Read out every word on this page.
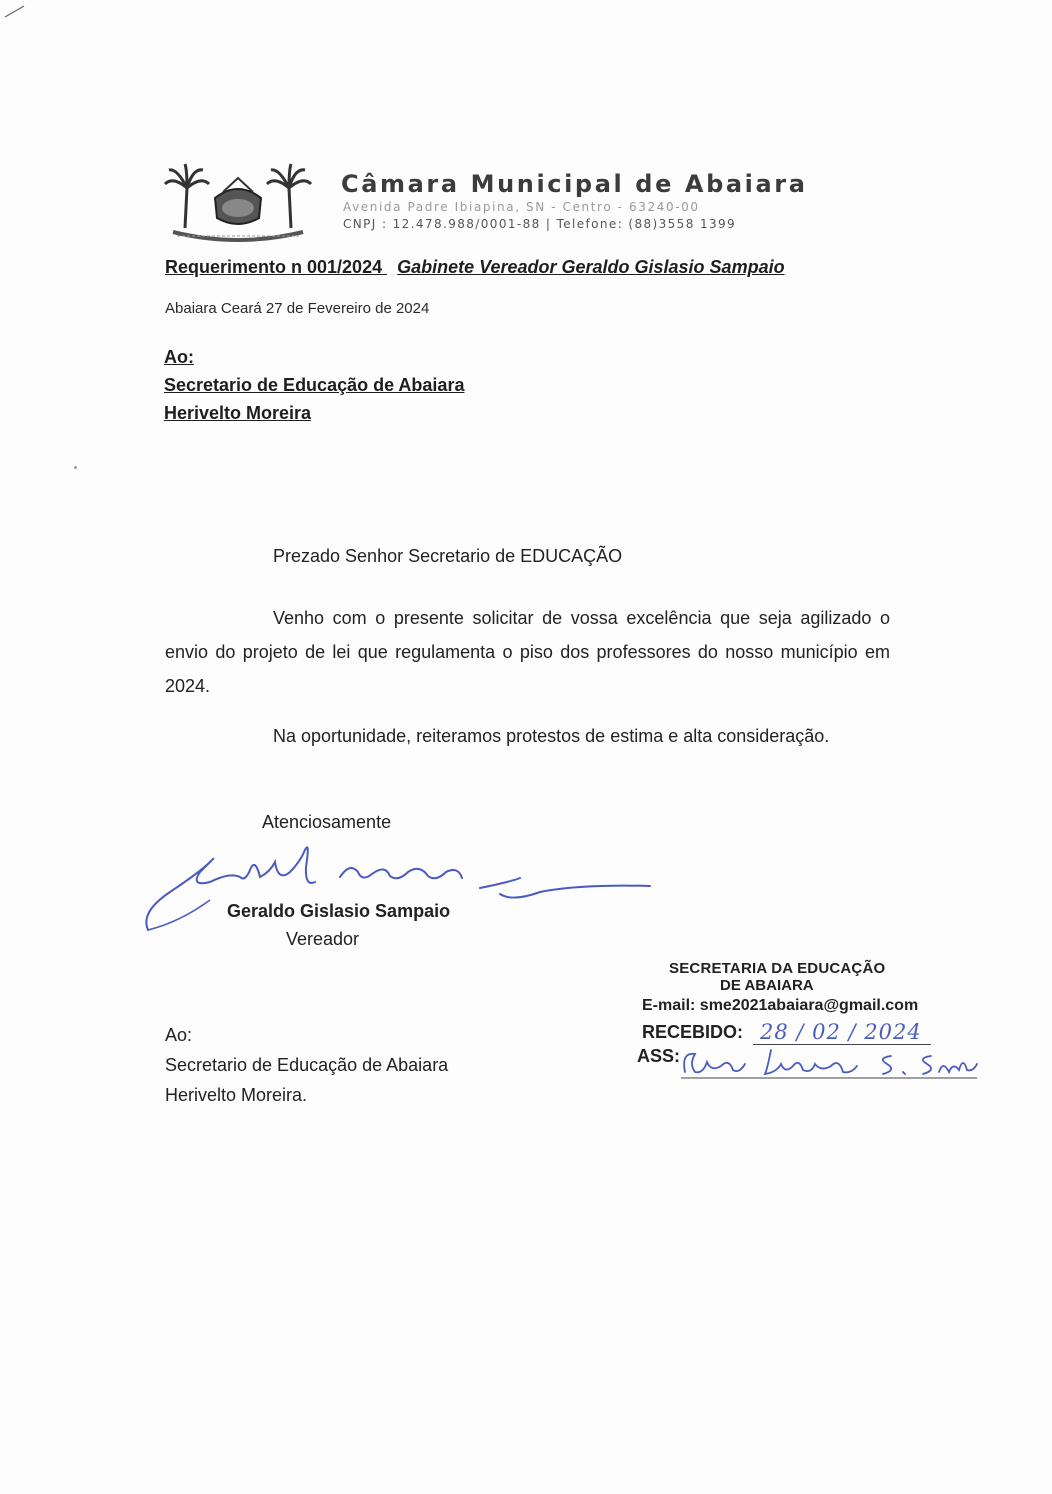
Câmara Municipal de Abaiara
Avenida Padre Ibiapina, SN - Centro - 63240-00
CNPJ : 12.478.988/0001-88 | Telefone: (88)3558 1399
Requerimento n 001/2024 Gabinete Vereador Geraldo Gislasio Sampaio
Abaiara Ceará 27 de Fevereiro de 2024
Ao:
Secretario de Educação de Abaiara
Herivelto Moreira
Prezado Senhor Secretario de EDUCAÇÃO
Venho com o presente solicitar de vossa excelência que seja agilizado o envio do projeto de lei que regulamenta o piso dos professores do nosso município em 2024.
Na oportunidade, reiteramos protestos de estima e alta consideração.
Atenciosamente
Geraldo Gislasio Sampaio
Vereador
Ao:
Secretario de Educação de Abaiara
Herivelto Moreira.
SECRETARIA DA EDUCAÇÃO
DE ABAIARA
E-mail: sme2021abaiara@gmail.com
RECEBIDO: 28 / 02 / 2024
ASS:
